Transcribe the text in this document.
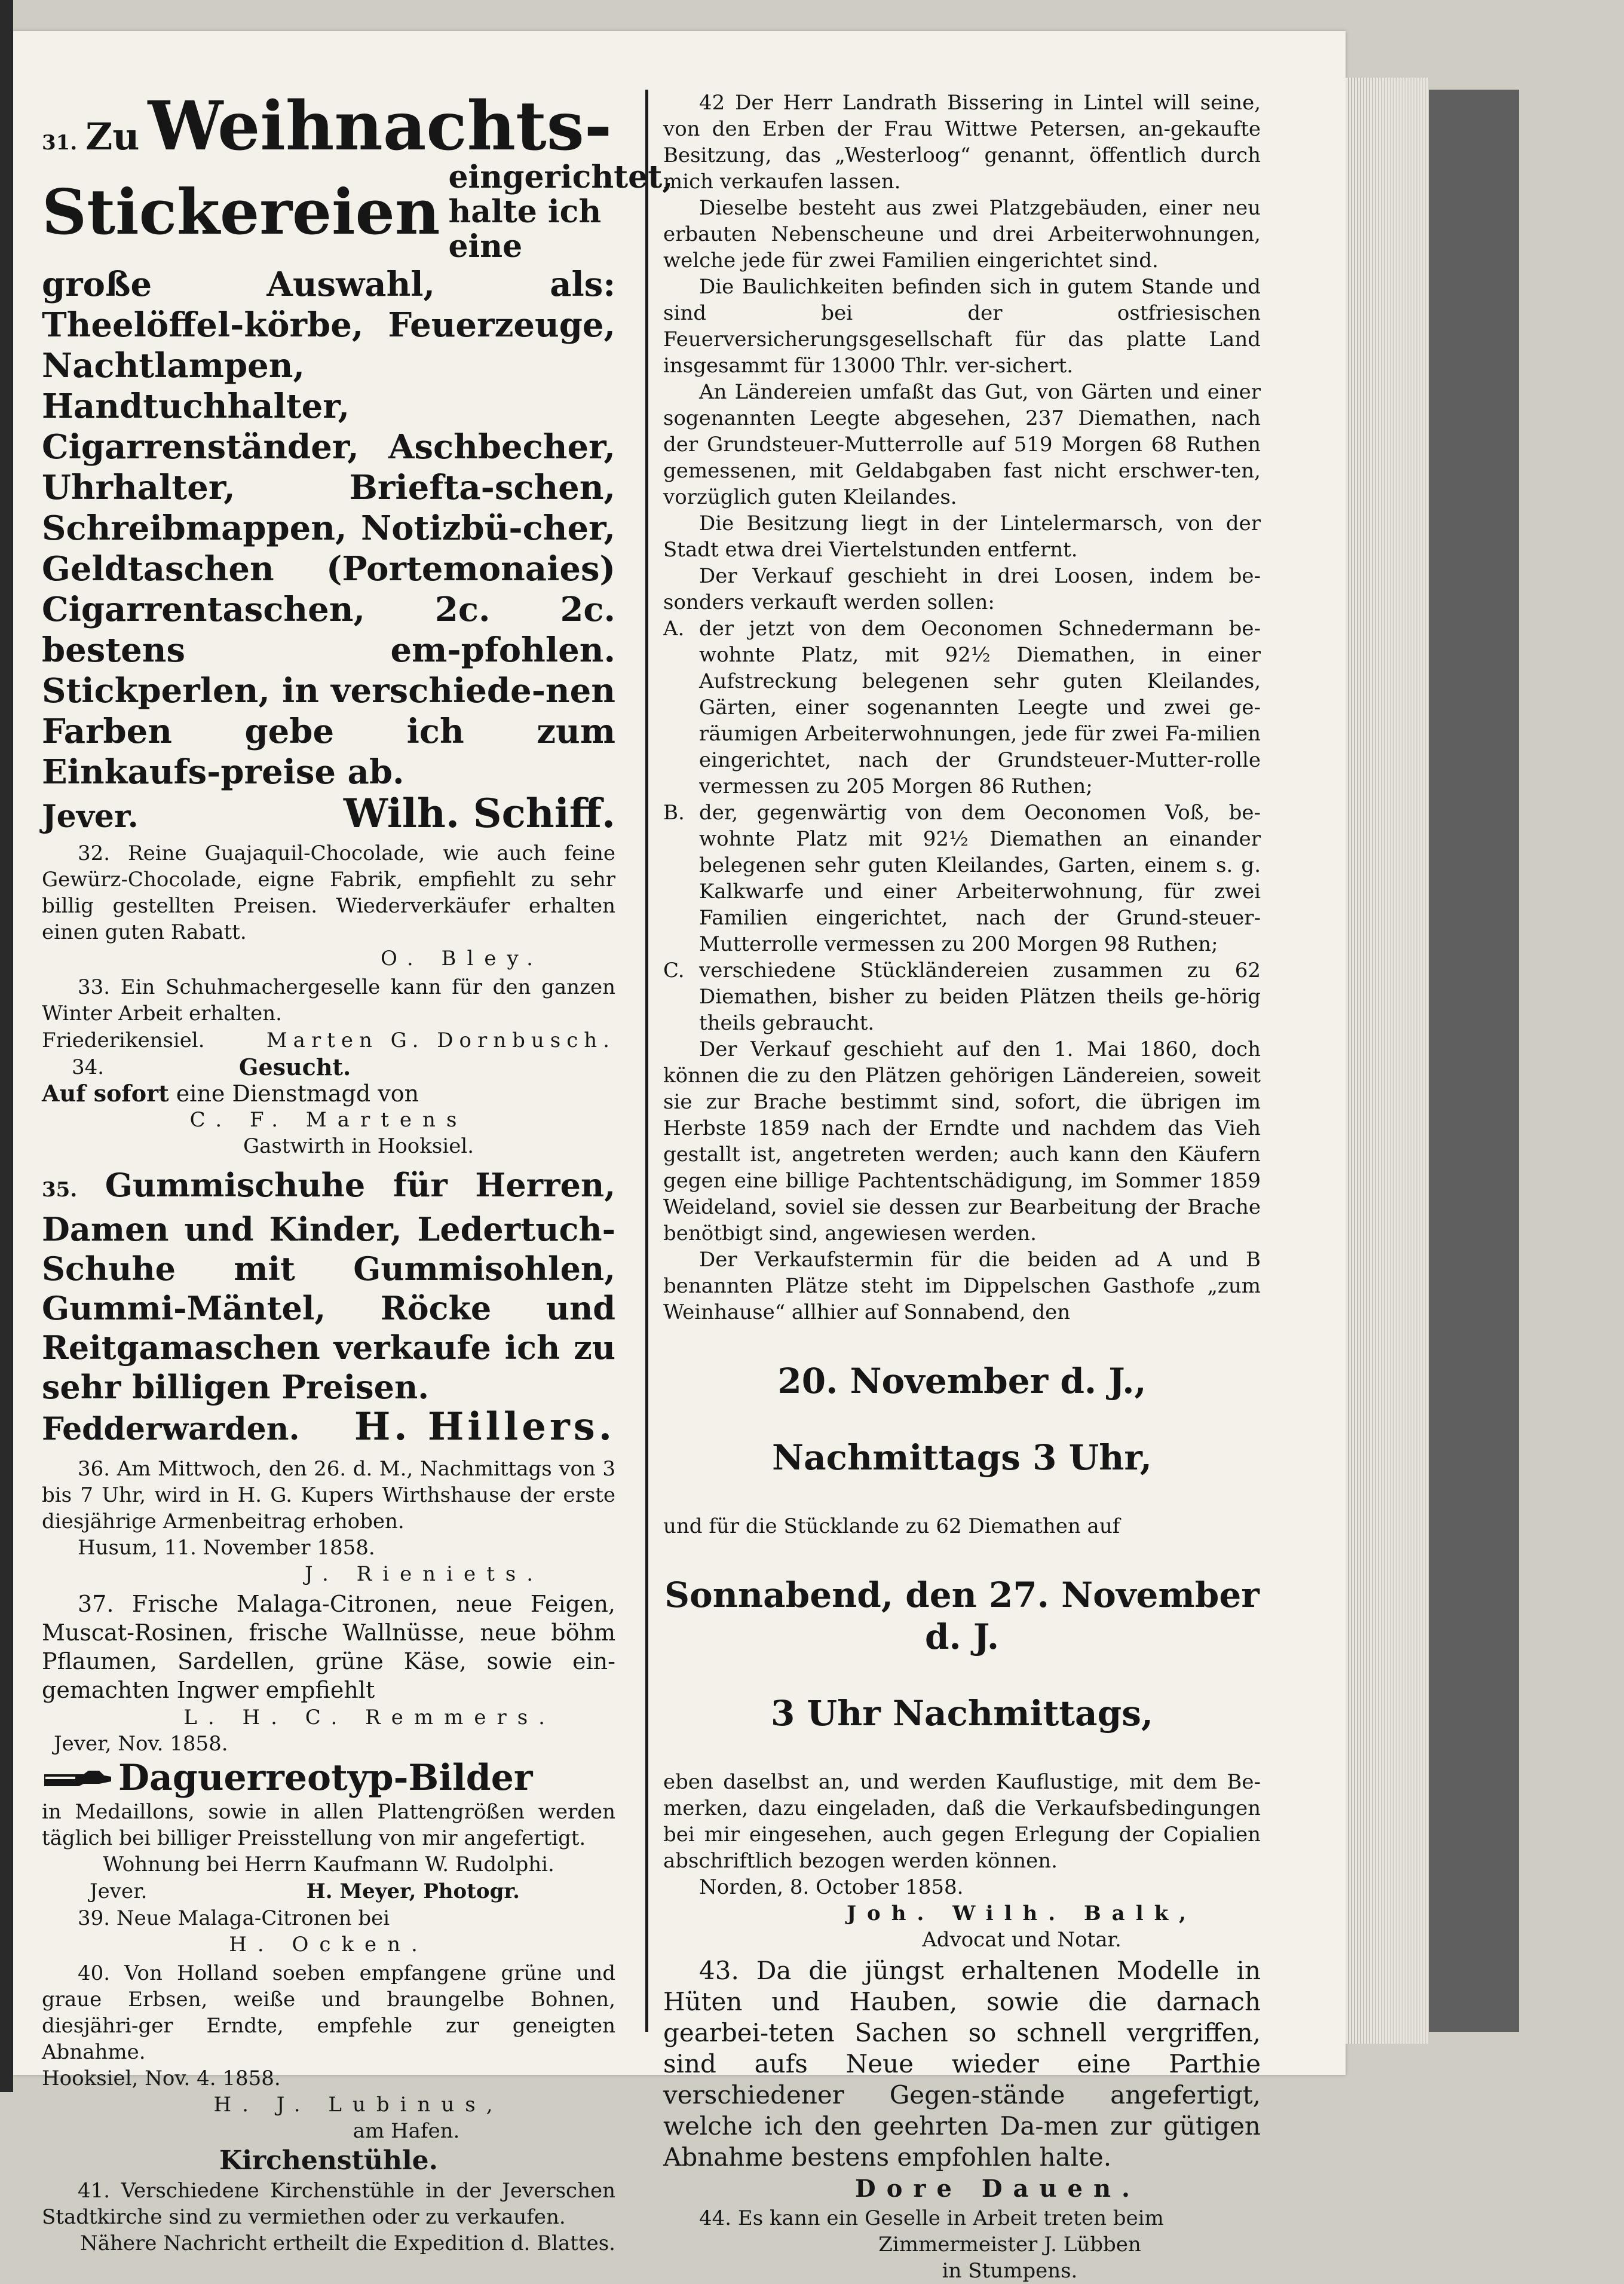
31. Zu Weihnachts-
Stickereien eingerichtet, halte ich eine

große Auswahl, als: Theelöffel-körbe, Feuerzeuge, Nachtlampen, Handtuchhalter, Cigarrenständer, Aschbecher, Uhrhalter, Briefta-schen, Schreibmappen, Notizbü-cher, Geldtaschen (Portemonaies) Cigarrentaschen, 2c. 2c. bestens em-pfohlen. Stickperlen, in verschiede-nen Farben gebe ich zum Einkaufs-preise ab.

Jever.	Wilh. Schiff.

32. Reine Guajaquil-Chocolade, wie auch feine Gewürz-Chocolade, eigne Fabrik, empfiehlt zu sehr billig gestellten Preisen. Wiederverkäufer erhalten einen guten Rabatt.

O. Bley.

33. Ein Schuhmachergeselle kann für den ganzen Winter Arbeit erhalten.

Friederikensiel.	Marten G. Dornbusch.
34.	Gesucht.

Auf sofort eine Dienstmagd von

C. F. Martens

Gastwirth in Hooksiel.

35. Gummischuhe für Herren, Damen und Kinder, Ledertuch-Schuhe mit Gummisohlen, Gummi-Mäntel, Röcke und Reitgamaschen verkaufe ich zu sehr billigen Preisen.

Fedderwarden. H. Hillers.

36. Am Mittwoch, den 26. d. M., Nachmittags von 3 bis 7 Uhr, wird in H. G. Kupers Wirthshause der erste diesjährige Armenbeitrag erhoben.

Husum, 11. November 1858.

J. Rieniets.

37. Frische Malaga-Citronen, neue Feigen, Muscat-Rosinen, frische Wallnüsse, neue böhm Pflaumen, Sardellen, grüne Käse, sowie ein-gemachten Ingwer empfiehlt

L. H. C. Remmers.

Jever, Nov. 1858.

Daguerreotyp-Bilder

in Medaillons, sowie in allen Plattengrößen werden täglich bei billiger Preisstellung von mir angefertigt.

Wohnung bei Herrn Kaufmann W. Rudolphi.

Jever.	H. Meyer, Photogr.

39. Neue Malaga-Citronen bei

H. Ocken.

40. Von Holland soeben empfangene grüne und graue Erbsen, weiße und braungelbe Bohnen, diesjähri-ger Erndte, empfehle zur geneigten Abnahme.

Hooksiel, Nov. 4. 1858.

H. J. Lubinus,

am Hafen.

Kirchenstühle.

41. Verschiedene Kirchenstühle in der Jeverschen Stadtkirche sind zu vermiethen oder zu verkaufen.

Nähere Nachricht ertheilt die Expedition d. Blattes.

42 Der Herr Landrath Bissering in Lintel will seine, von den Erben der Frau Wittwe Petersen, an-gekaufte Besitzung, das „Westerloog“ genannt, öffentlich durch mich verkaufen lassen.

Dieselbe besteht aus zwei Platzgebäuden, einer neu erbauten Nebenscheune und drei Arbeiterwohnungen, welche jede für zwei Familien eingerichtet sind.

Die Baulichkeiten befinden sich in gutem Stande und sind bei der ostfriesischen Feuerversicherungsgesellschaft für das platte Land insgesammt für 13000 Thlr. ver-sichert.

An Ländereien umfaßt das Gut, von Gärten und einer sogenannten Leegte abgesehen, 237 Diemathen, nach der Grundsteuer-Mutterrolle auf 519 Morgen 68 Ruthen gemessenen, mit Geldabgaben fast nicht erschwer-ten, vorzüglich guten Kleilandes.

Die Besitzung liegt in der Lintelermarsch, von der Stadt etwa drei Viertelstunden entfernt.

Der Verkauf geschieht in drei Loosen, indem be-sonders verkauft werden sollen:

A. der jetzt von dem Oeconomen Schnedermann be-wohnte Platz, mit 92½ Diemathen, in einer Aufstreckung belegenen sehr guten Kleilandes, Gärten, einer sogenannten Leegte und zwei ge-räumigen Arbeiterwohnungen, jede für zwei Fa-milien eingerichtet, nach der Grundsteuer-Mutter-rolle vermessen zu 205 Morgen 86 Ruthen;
B. der, gegenwärtig von dem Oeconomen Voß, be-wohnte Platz mit 92½ Diemathen an einander belegenen sehr guten Kleilandes, Garten, einem s. g. Kalkwarfe und einer Arbeiterwohnung, für zwei Familien eingerichtet, nach der Grund-steuer-Mutterrolle vermessen zu 200 Morgen 98 Ruthen;
C. verschiedene Stückländereien zusammen zu 62 Diemathen, bisher zu beiden Plätzen theils ge-hörig theils gebraucht.

Der Verkauf geschieht auf den 1. Mai 1860, doch können die zu den Plätzen gehörigen Ländereien, soweit sie zur Brache bestimmt sind, sofort, die übrigen im Herbste 1859 nach der Erndte und nachdem das Vieh gestallt ist, angetreten werden; auch kann den Käufern gegen eine billige Pachtentschädigung, im Sommer 1859 Weideland, soviel sie dessen zur Bearbeitung der Brache benötbigt sind, angewiesen werden.

Der Verkaufstermin für die beiden ad A und B benannten Plätze steht im Dippelschen Gasthofe „zum Weinhause“ allhier auf Sonnabend, den

20. November d. J.,

Nachmittags 3 Uhr,

und für die Stücklande zu 62 Diemathen auf

Sonnabend, den 27. November d. J.

3 Uhr Nachmittags,

eben daselbst an, und werden Kauflustige, mit dem Be-merken, dazu eingeladen, daß die Verkaufsbedingungen bei mir eingesehen, auch gegen Erlegung der Copialien abschriftlich bezogen werden können.

Norden, 8. October 1858.

Joh. Wilh. Balk,

Advocat und Notar.

43. Da die jüngst erhaltenen Modelle in Hüten und Hauben, sowie die darnach gearbei-teten Sachen so schnell vergriffen, sind aufs Neue wieder eine Parthie verschiedener Gegen-stände angefertigt, welche ich den geehrten Da-men zur gütigen Abnahme bestens empfohlen halte.

Dore Dauen.

44. Es kann ein Geselle in Arbeit treten beim

Zimmermeister J. Lübben

in Stumpens.
